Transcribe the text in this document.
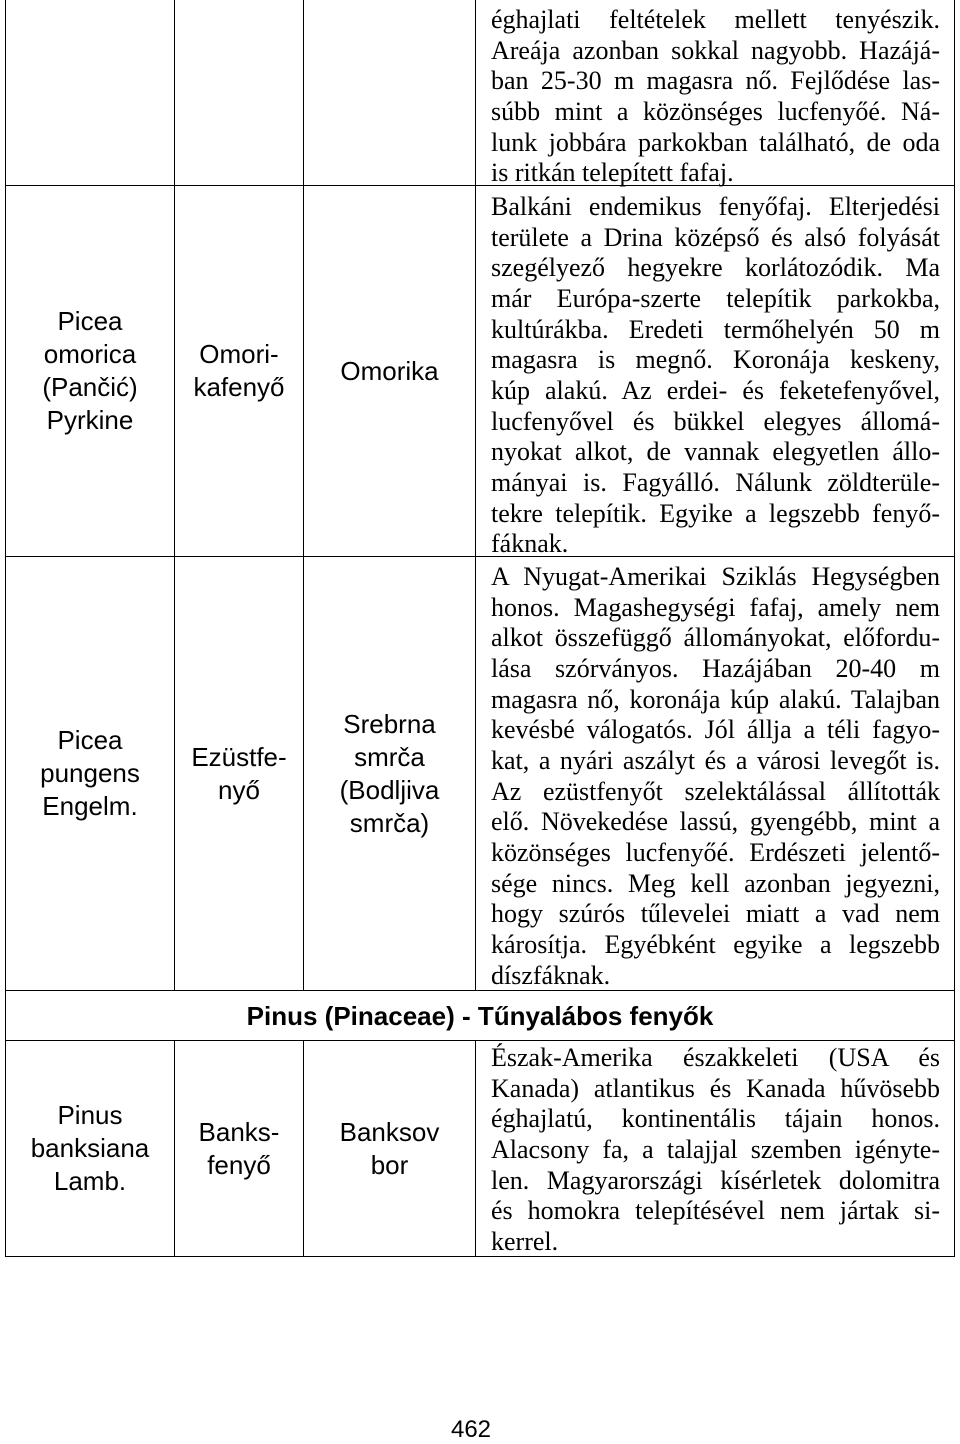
éghajlati feltételek mellett tenyészik.
Areája azonban sokkal nagyobb. Hazájá-
ban 25-30 m magasra nő. Fejlődése las-
súbb mint a közönséges lucfenyőé. Ná-
lunk jobbára parkokban található, de oda
is ritkán telepített fafaj.
Picea
omorica
(Pančić)
Pyrkine
Omori-
kafenyő
Omorika
Balkáni endemikus fenyőfaj. Elterjedési
területe a Drina középső és alsó folyását
szegélyező hegyekre korlátozódik. Ma
már Európa-szerte telepítik parkokba,
kultúrákba. Eredeti termőhelyén 50 m
magasra is megnő. Koronája keskeny,
kúp alakú. Az erdei- és feketefenyővel,
lucfenyővel és bükkel elegyes állomá-
nyokat alkot, de vannak elegyetlen állo-
mányai is. Fagyálló. Nálunk zöldterüle-
tekre telepítik. Egyike a legszebb fenyő-
fáknak.
Picea
pungens
Engelm.
Ezüstfe-
nyő
Srebrna
smrča
(Bodljiva
smrča)
A Nyugat-Amerikai Sziklás Hegységben
honos. Magashegységi fafaj, amely nem
alkot összefüggő állományokat, előfordu-
lása szórványos. Hazájában 20-40 m
magasra nő, koronája kúp alakú. Talajban
kevésbé válogatós. Jól állja a téli fagyo-
kat, a nyári aszályt és a városi levegőt is.
Az ezüstfenyőt szelektálással állították
elő. Növekedése lassú, gyengébb, mint a
közönséges lucfenyőé. Erdészeti jelentő-
sége nincs. Meg kell azonban jegyezni,
hogy szúrós tűlevelei miatt a vad nem
károsítja. Egyébként egyike a legszebb
díszfáknak.
Pinus (Pinaceae) - Tűnyalábos fenyők
Pinus
banksiana
Lamb.
Banks-
fenyő
Banksov
bor
Észak-Amerika északkeleti (USA és
Kanada) atlantikus és Kanada hűvösebb
éghajlatú, kontinentális tájain honos.
Alacsony fa, a talajjal szemben igényte-
len. Magyarországi kísérletek dolomitra
és homokra telepítésével nem jártak si-
kerrel.
462
